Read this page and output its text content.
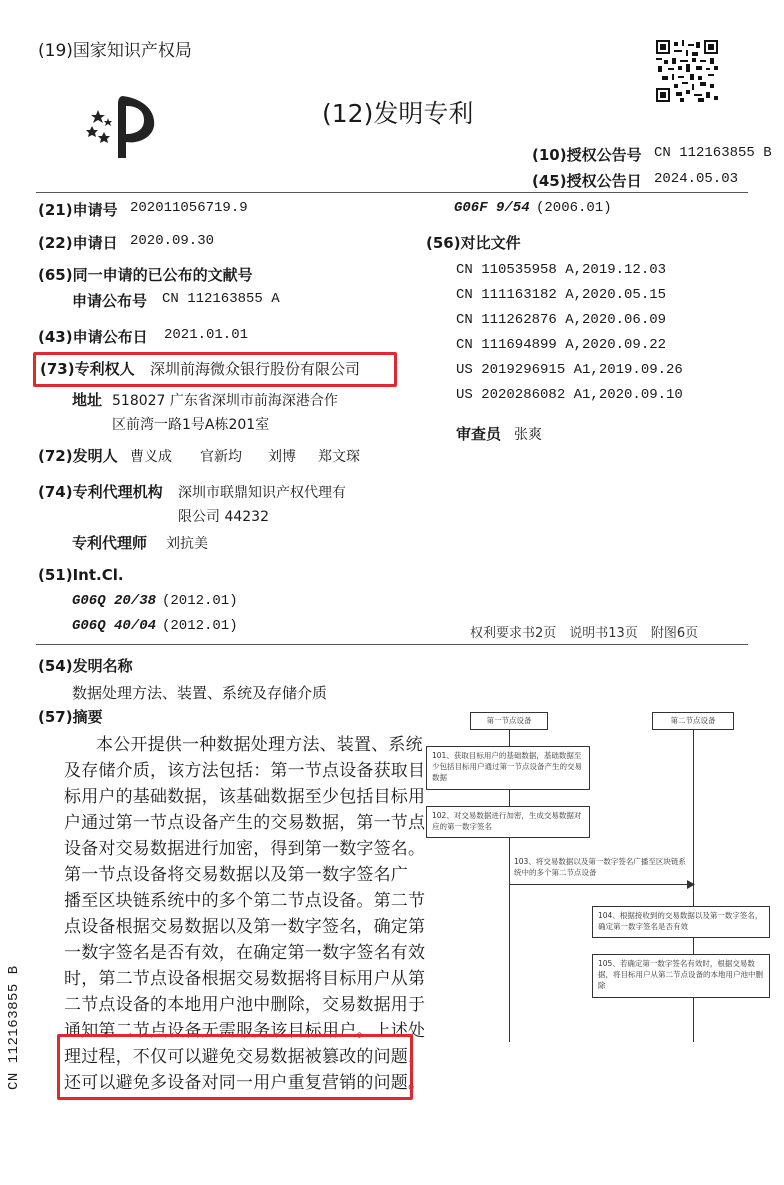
(19)国家知识产权局
(12)发明专利
(10)授权公告号 CN 112163855 B
(45)授权公告日 2024.05.03
(21)申请号 202011056719.9
(22)申请日 2020.09.30
(65)同一申请的已公布的文献号
申请公布号 CN 112163855 A
(43)申请公布日 2021.01.01
(73)专利权人 深圳前海微众银行股份有限公司
地址 518027 广东省深圳市前海深港合作
区前湾一路1号A栋201室
(72)发明人 曹义成 官新均 刘博 郑文琛
(74)专利代理机构 深圳市联鼎知识产权代理有
限公司 44232
专利代理师 刘抗美
(51)Int.Cl.
G06Q 20/38 (2012.01)
G06Q 40/04 (2012.01)
G06F 9/54 (2006.01)
(56)对比文件
CN 110535958 A,2019.12.03
CN 111163182 A,2020.05.15
CN 111262876 A,2020.06.09
CN 111694899 A,2020.09.22
US 2019296915 A1,2019.09.26
US 2020286082 A1,2020.09.10
审查员 张爽
权利要求书2页　说明书13页　附图6页
(54)发明名称
数据处理方法、装置、系统及存储介质
(57)摘要
本公开提供一种数据处理方法、装置、系统
及存储介质，该方法包括：第一节点设备获取目
标用户的基础数据，该基础数据至少包括目标用
户通过第一节点设备产生的交易数据，第一节点
设备对交易数据进行加密，得到第一数字签名。
第一节点设备将交易数据以及第一数字签名广
播至区块链系统中的多个第二节点设备。第二节
点设备根据交易数据以及第一数字签名，确定第
一数字签名是否有效，在确定第一数字签名有效
时，第二节点设备根据交易数据将目标用户从第
二节点设备的本地用户池中删除，交易数据用于
通知第二节点设备无需服务该目标用户。上述处
理过程，不仅可以避免交易数据被篡改的问题，
还可以避免多设备对同一用户重复营销的问题。
CN 112163855 B
第一节点设备	第二节点设备
101、获取目标用户的基础数据，基础数据至少包括目标用户通过第一节点设备产生的交易数据
102、对交易数据进行加密，生成交易数据对应的第一数字签名
103、将交易数据以及第一数字签名广播至区块链系统中的多个第二节点设备
104、根据接收到的交易数据以及第一数字签名，确定第一数字签名是否有效
105、若确定第一数字签名有效时，根据交易数据，将目标用户从第二节点设备的本地用户池中删除
